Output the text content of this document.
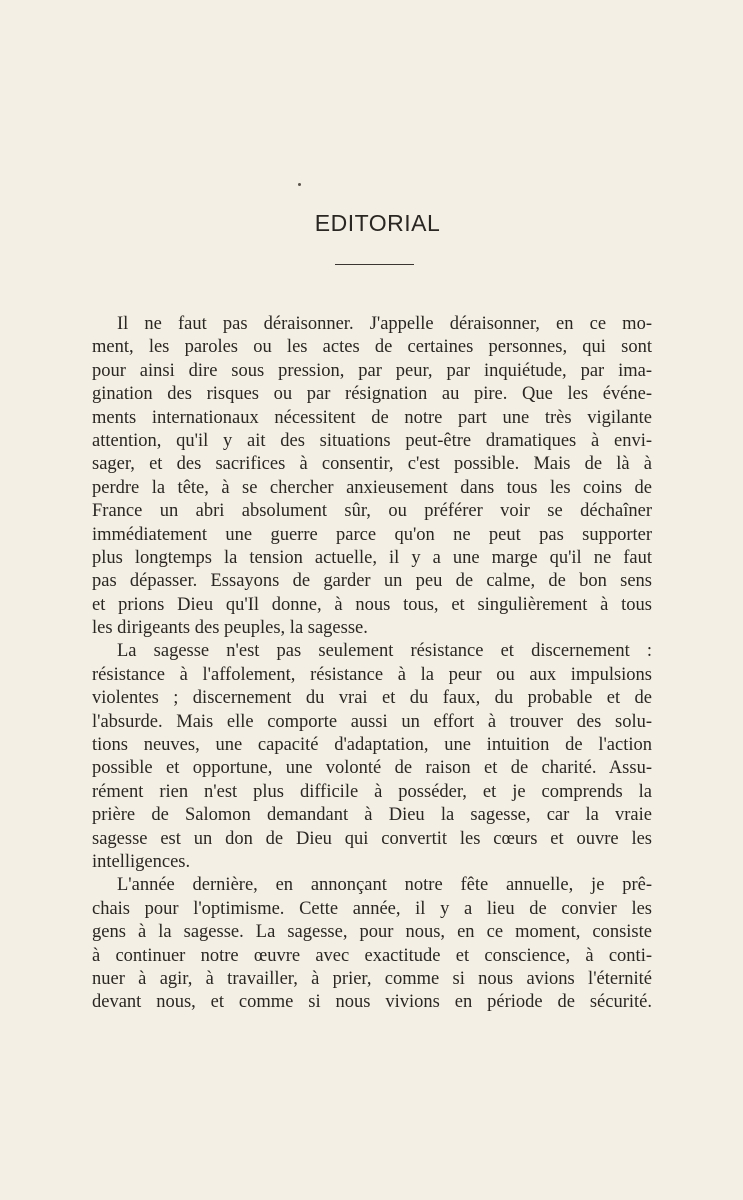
EDITORIAL

Il ne faut pas déraisonner. J'appelle déraisonner, en ce mo-
ment, les paroles ou les actes de certaines personnes, qui sont
pour ainsi dire sous pression, par peur, par inquiétude, par ima-
gination des risques ou par résignation au pire. Que les événe-
ments internationaux nécessitent de notre part une très vigilante
attention, qu'il y ait des situations peut-être dramatiques à envi-
sager, et des sacrifices à consentir, c'est possible. Mais de là à
perdre la tête, à se chercher anxieusement dans tous les coins de
France un abri absolument sûr, ou préférer voir se déchaîner
immédiatement une guerre parce qu'on ne peut pas supporter
plus longtemps la tension actuelle, il y a une marge qu'il ne faut
pas dépasser. Essayons de garder un peu de calme, de bon sens
et prions Dieu qu'Il donne, à nous tous, et singulièrement à tous
les dirigeants des peuples, la sagesse.

La sagesse n'est pas seulement résistance et discernement :
résistance à l'affolement, résistance à la peur ou aux impulsions
violentes ; discernement du vrai et du faux, du probable et de
l'absurde. Mais elle comporte aussi un effort à trouver des solu-
tions neuves, une capacité d'adaptation, une intuition de l'action
possible et opportune, une volonté de raison et de charité. Assu-
rément rien n'est plus difficile à posséder, et je comprends la
prière de Salomon demandant à Dieu la sagesse, car la vraie
sagesse est un don de Dieu qui convertit les cœurs et ouvre les
intelligences.

L'année dernière, en annonçant notre fête annuelle, je prê-
chais pour l'optimisme. Cette année, il y a lieu de convier les
gens à la sagesse. La sagesse, pour nous, en ce moment, consiste
à continuer notre œuvre avec exactitude et conscience, à conti-
nuer à agir, à travailler, à prier, comme si nous avions l'éternité
devant nous, et comme si nous vivions en période de sécurité.
